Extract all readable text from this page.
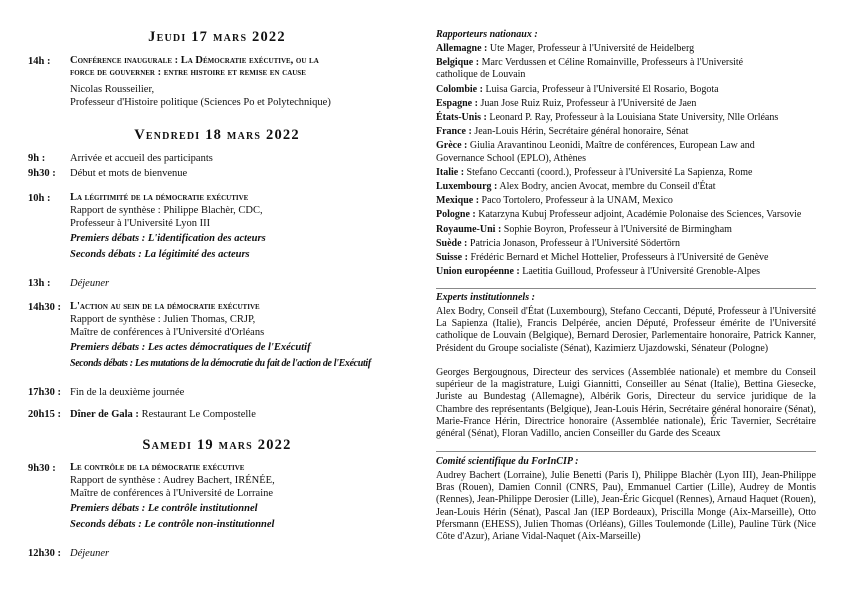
Jeudi 17 mars 2022
14h :	Conférence inaugurale : La Démocratie exécutive, ou la
force de gouverner : entre histoire et remise en cause
Nicolas Rousseilier,
Professeur d'Histoire politique (Sciences Po et Polytechnique)
Vendredi 18 mars 2022
9h :	Arrivée et accueil des participants
9h30 :	Début et mots de bienvenue
10h :	La légitimité de la démocratie exécutive
Rapport de synthèse : Philippe Blachèr, CDC,
Professeur à l'Université Lyon III
Premiers débats : L'identification des acteurs
Seconds débats : La légitimité des acteurs
13h :	Déjeuner
14h30 : L'action au sein de la démocratie exécutive
Rapport de synthèse : Julien Thomas, CRJP,
Maître de conférences à l'Université d'Orléans
Premiers débats : Les actes démocratiques de l'Exécutif
Seconds débats : Les mutations de la démocratie du fait de l'action de l'Exécutif
17h30 : Fin de la deuxième journée
20h15 : Dîner de Gala : Restaurant Le Compostelle
Samedi 19 mars 2022
9h30 :	Le contrôle de la démocratie exécutive
Rapport de synthèse : Audrey Bachert, IRÉNÉE,
Maître de conférences à l'Université de Lorraine
Premiers débats : Le contrôle institutionnel
Seconds débats : Le contrôle non-institutionnel
12h30 : Déjeuner
Rapporteurs nationaux :
Allemagne : Ute Mager, Professeur à l'Université de Heidelberg
Belgique : Marc Verdussen et Céline Romainville, Professeurs à l'Université
catholique de Louvain
Colombie : Luisa Garcia, Professeur à l'Université El Rosario, Bogota
Espagne : Juan Jose Ruiz Ruiz, Professeur à l'Université de Jaen
États-Unis : Leonard P. Ray, Professeur à la Louisiana State University, Nlle Orléans
France : Jean-Louis Hérin, Secrétaire général honoraire, Sénat
Grèce : Giulia Aravantinou Leonidi, Maître de conférences, European Law and
Governance School (EPLO), Athènes
Italie : Stefano Ceccanti (coord.), Professeur à l'Université La Sapienza, Rome
Luxembourg : Alex Bodry, ancien Avocat, membre du Conseil d'État
Mexique : Paco Tortolero, Professeur à la UNAM, Mexico
Pologne : Katarzyna Kubuj Professeur adjoint, Académie Polonaise des Sciences, Varsovie
Royaume-Uni : Sophie Boyron, Professeur à l'Université de Birmingham
Suède : Patricia Jonason, Professeur à l'Université Södertörn
Suisse : Frédéric Bernard et Michel Hottelier, Professeurs à l'Université de Genève
Union européenne : Laetitia Guilloud, Professeur à l'Université Grenoble-Alpes
Experts institutionnels :
Alex Bodry, Conseil d'État (Luxembourg), Stefano Ceccanti, Député, Professeur à l'Université La Sapienza (Italie), Francis Delpérée, ancien Député, Professeur émérite de l'Université catholique de Louvain (Belgique), Bernard Derosier, Parlementaire honoraire, Patrick Kanner, Président du Groupe socialiste (Sénat), Kazimierz Ujazdowski, Sénateur (Pologne)
Georges Bergougnous, Directeur des services (Assemblée nationale) et membre du Conseil supérieur de la magistrature, Luigi Giannitti, Conseiller au Sénat (Italie), Bettina Giesecke, Juriste au Bundestag (Allemagne), Albérik Goris, Directeur du service juridique de la Chambre des représentants (Belgique), Jean-Louis Hérin, Secrétaire général honoraire (Sénat), Marie-France Hérin, Directrice honoraire (Assemblée nationale), Éric Tavernier, Secrétaire général (Sénat), Floran Vadillo, ancien Conseiller du Garde des Sceaux
Comité scientifique du ForInCIP :
Audrey Bachert (Lorraine), Julie Benetti (Paris I), Philippe Blachèr (Lyon III), Jean-Philippe Bras (Rouen), Damien Connil (CNRS, Pau), Emmanuel Cartier (Lille), Audrey de Montis (Rennes), Jean-Philippe Derosier (Lille), Jean-Éric Gicquel (Rennes), Arnaud Haquet (Rouen), Jean-Louis Hérin (Sénat), Pascal Jan (IEP Bordeaux), Priscilla Monge (Aix-Marseille), Otto Pfersmann (EHESS), Julien Thomas (Orléans), Gilles Toulemonde (Lille), Pauline Türk (Nice Côte d'Azur), Ariane Vidal-Naquet (Aix-Marseille)
